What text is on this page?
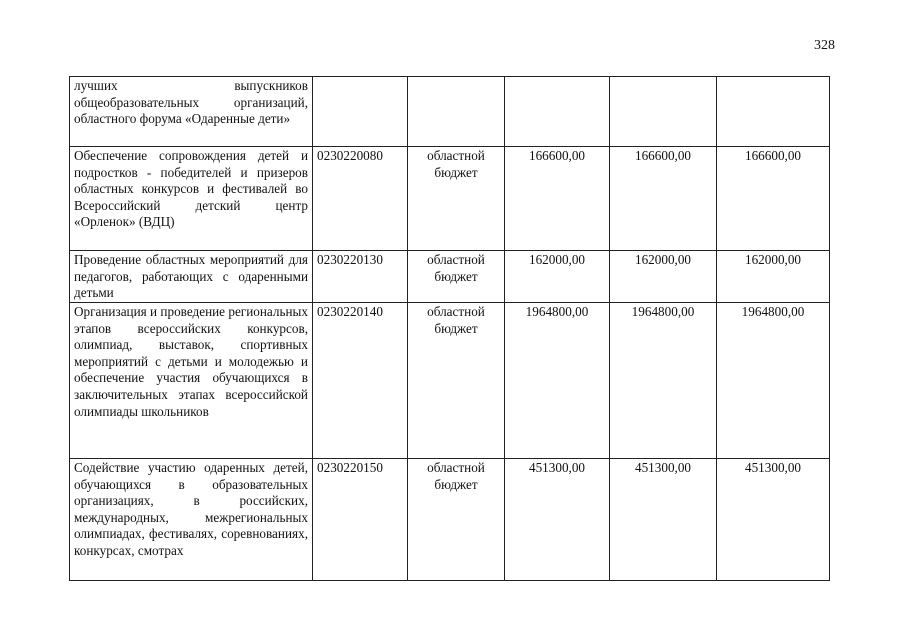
328
лучших выпускников общеобразовательных организаций, областного форума «Одаренные дети»					
Обеспечение сопровождения детей и подростков - победителей и призеров областных конкурсов и фестивалей во Всероссийский детский центр «Орленок» (ВДЦ)	0230220080	областной бюджет	166600,00	166600,00	166600,00
Проведение областных мероприятий для педагогов, работающих с одаренными детьми	0230220130	областной бюджет	162000,00	162000,00	162000,00
Организация и проведение региональных этапов всероссийских конкурсов, олимпиад, выставок, спортивных мероприятий с детьми и молодежью и обеспечение участия обучающихся в заключительных этапах всероссийской олимпиады школьников	0230220140	областной бюджет	1964800,00	1964800,00	1964800,00
Содействие участию одаренных детей, обучающихся в образовательных организациях, в российских, международных, межрегиональных олимпиадах, фестивалях, соревнованиях, конкурсах, смотрах	0230220150	областной бюджет	451300,00	451300,00	451300,00
